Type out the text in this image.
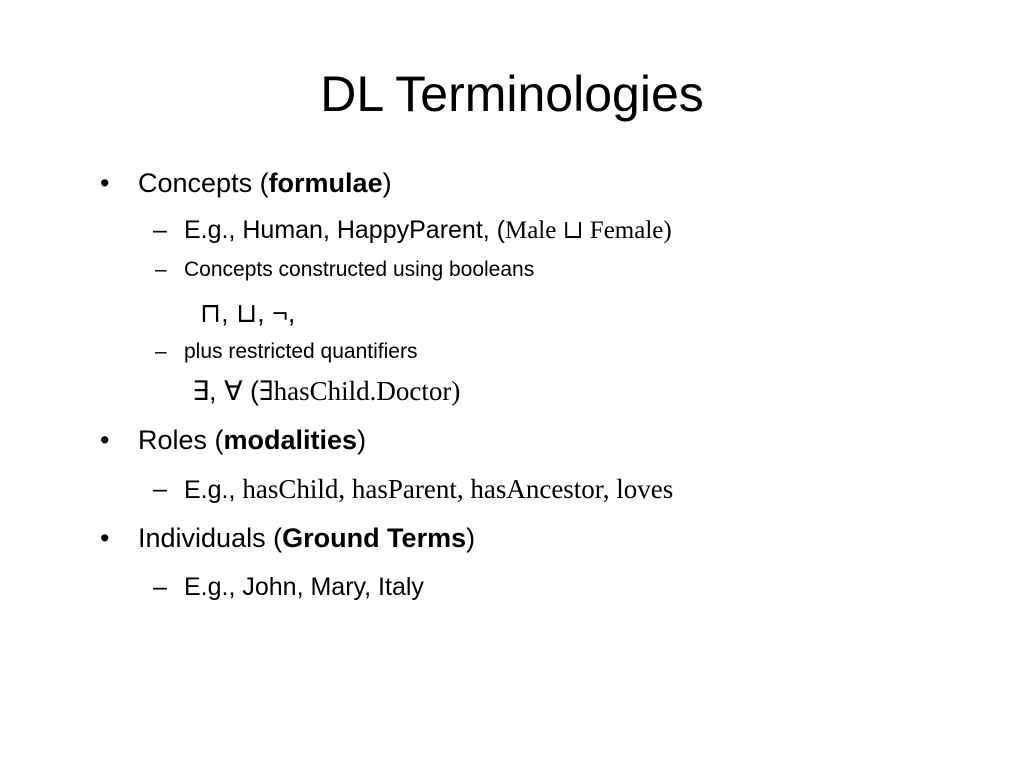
DL Terminologies
• Concepts (formulae)
– E.g., Human, HappyParent, (Male ⊔ Female)
– Concepts constructed using booleans
⊓, ⊔, ¬,
– plus restricted quantifiers
∃, ∀ (∃hasChild.Doctor)
• Roles (modalities)
– E.g., hasChild, hasParent, hasAncestor, loves
• Individuals (Ground Terms)
– E.g., John, Mary, Italy
